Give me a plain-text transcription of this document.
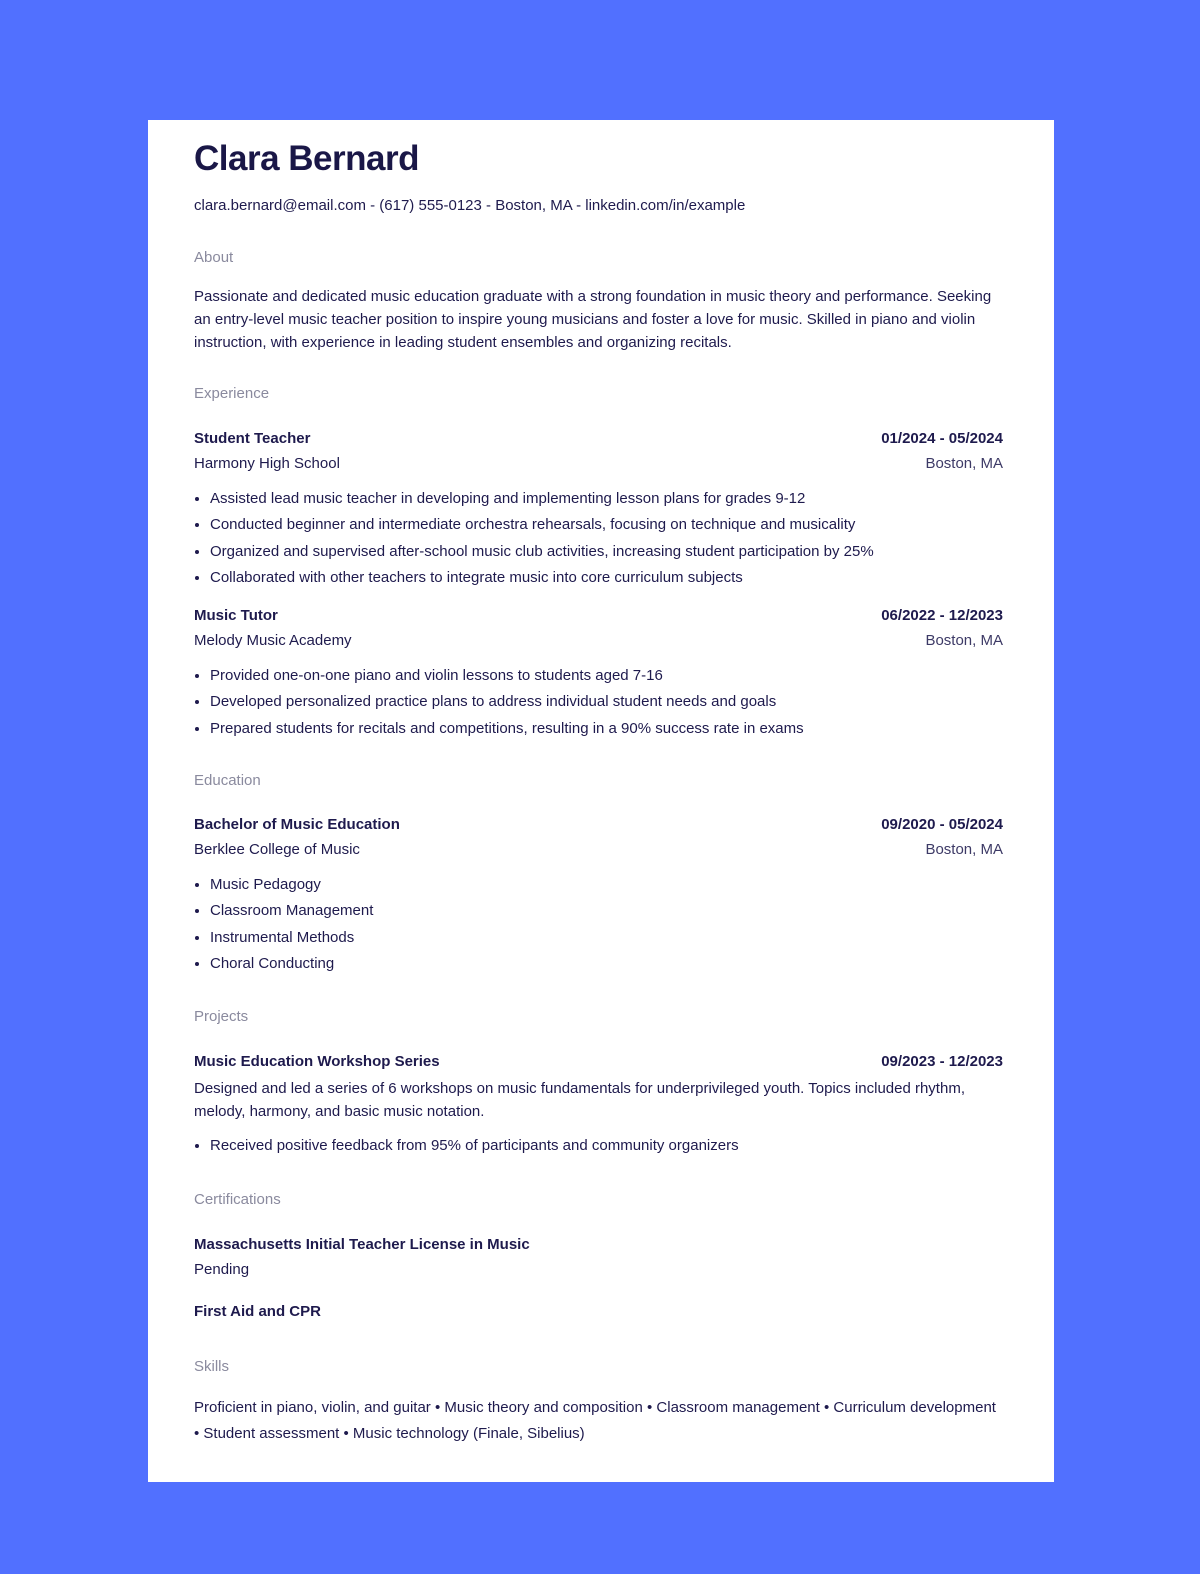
Clara Bernard
clara.bernard@email.com - (617) 555-0123 - Boston, MA - linkedin.com/in/example
About
Passionate and dedicated music education graduate with a strong foundation in music theory and performance. Seeking an entry-level music teacher position to inspire young musicians and foster a love for music. Skilled in piano and violin instruction, with experience in leading student ensembles and organizing recitals.
Experience
Student Teacher	01/2024 - 05/2024
Harmony High School	Boston, MA
• Assisted lead music teacher in developing and implementing lesson plans for grades 9-12
• Conducted beginner and intermediate orchestra rehearsals, focusing on technique and musicality
• Organized and supervised after-school music club activities, increasing student participation by 25%
• Collaborated with other teachers to integrate music into core curriculum subjects
Music Tutor	06/2022 - 12/2023
Melody Music Academy	Boston, MA
• Provided one-on-one piano and violin lessons to students aged 7-16
• Developed personalized practice plans to address individual student needs and goals
• Prepared students for recitals and competitions, resulting in a 90% success rate in exams
Education
Bachelor of Music Education	09/2020 - 05/2024
Berklee College of Music	Boston, MA
• Music Pedagogy
• Classroom Management
• Instrumental Methods
• Choral Conducting
Projects
Music Education Workshop Series	09/2023 - 12/2023
Designed and led a series of 6 workshops on music fundamentals for underprivileged youth. Topics included rhythm, melody, harmony, and basic music notation.
• Received positive feedback from 95% of participants and community organizers
Certifications
Massachusetts Initial Teacher License in Music
Pending
First Aid and CPR
Skills
Proficient in piano, violin, and guitar • Music theory and composition • Classroom management • Curriculum development • Student assessment • Music technology (Finale, Sibelius)
